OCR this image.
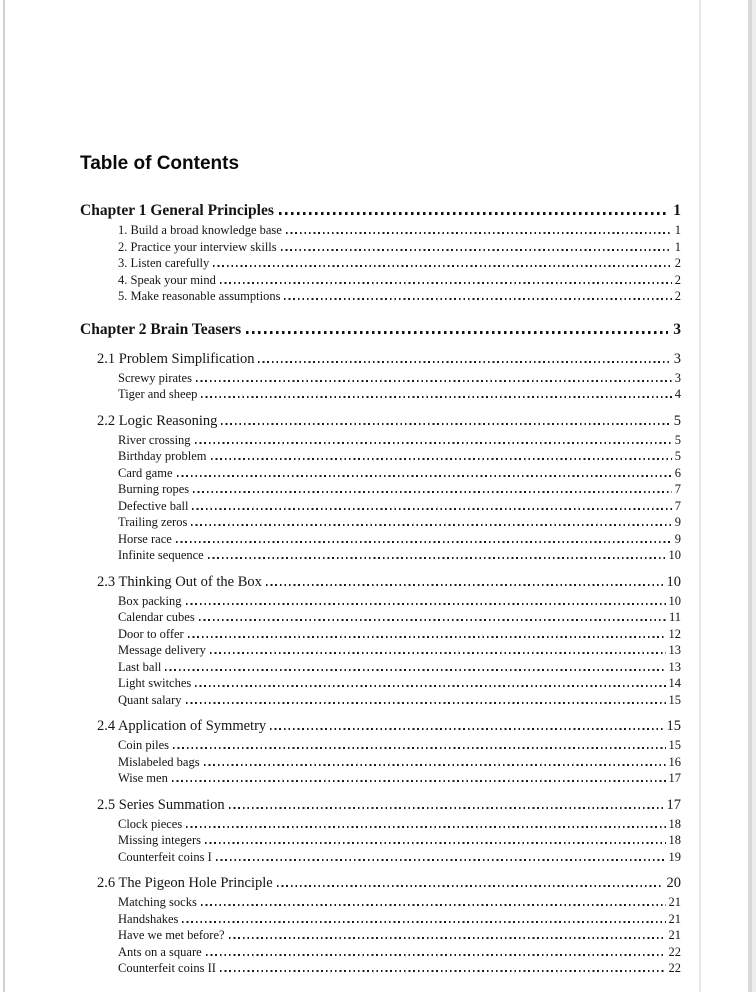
Table of Contents
Chapter 1 General Principles	1
1. Build a broad knowledge base	1
2. Practice your interview skills	1
3. Listen carefully	2
4. Speak your mind	2
5. Make reasonable assumptions	2
Chapter 2 Brain Teasers	3
2.1 Problem Simplification	3
Screwy pirates	3
Tiger and sheep	4
2.2 Logic Reasoning	5
River crossing	5
Birthday problem	5
Card game	6
Burning ropes	7
Defective ball	7
Trailing zeros	9
Horse race	9
Infinite sequence	10
2.3 Thinking Out of the Box	10
Box packing	10
Calendar cubes	11
Door to offer	12
Message delivery	13
Last ball	13
Light switches	14
Quant salary	15
2.4 Application of Symmetry	15
Coin piles	15
Mislabeled bags	16
Wise men	17
2.5 Series Summation	17
Clock pieces	18
Missing integers	18
Counterfeit coins I	19
2.6 The Pigeon Hole Principle	20
Matching socks	21
Handshakes	21
Have we met before?	21
Ants on a square	22
Counterfeit coins II	22
